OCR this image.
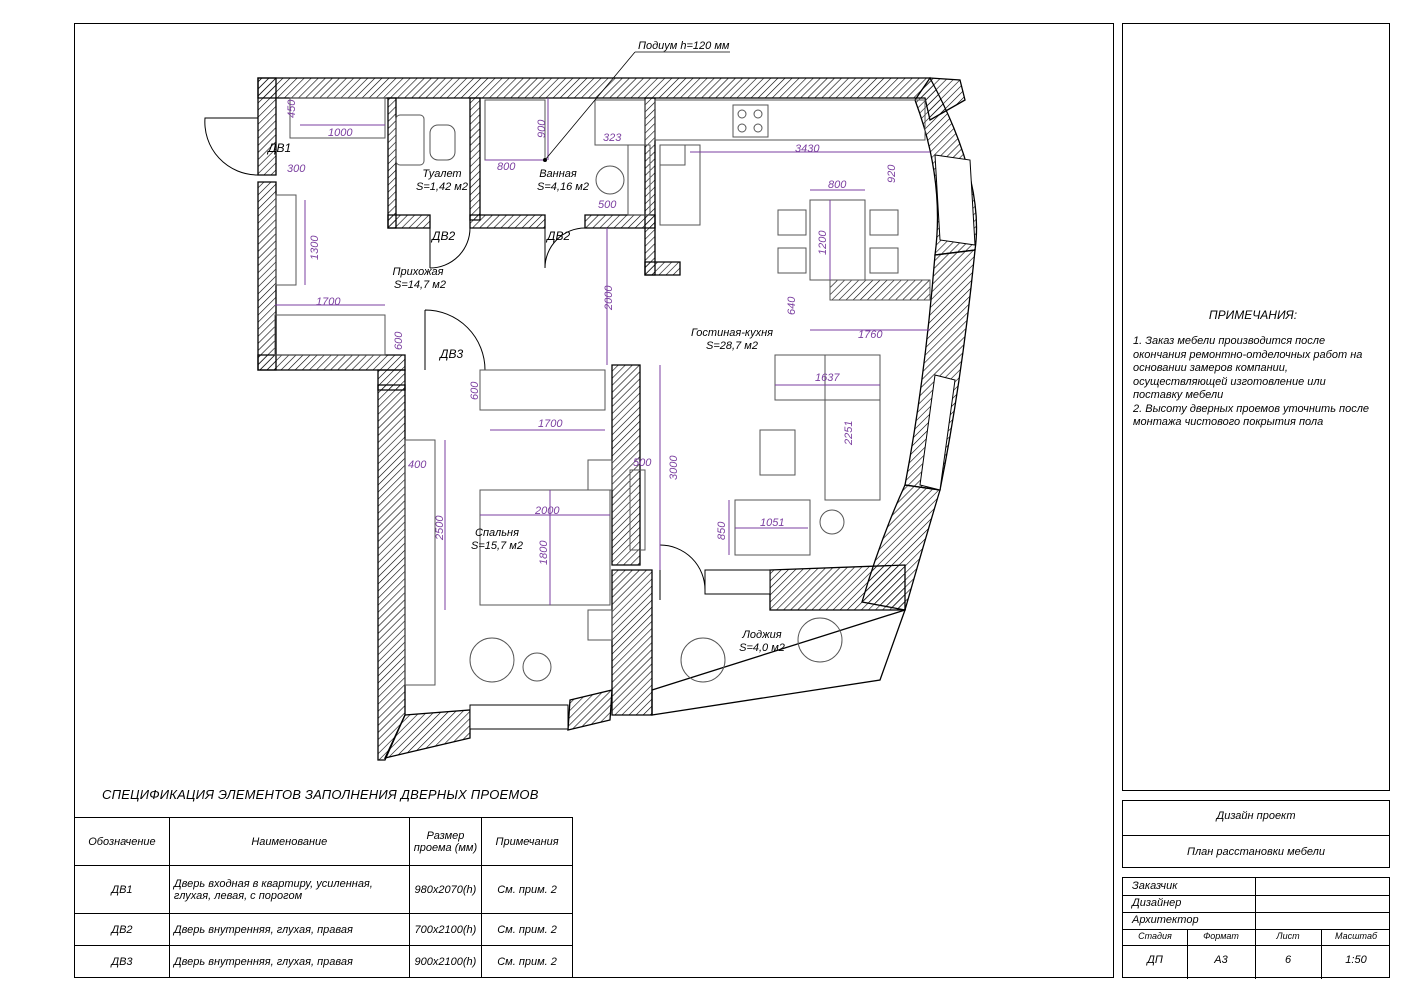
ПРИМЕЧАНИЯ:
1. Заказ мебели производится после
окончания ремонтно-отделочных работ на
основании замеров компании,
осуществляющей изготовление или
поставку мебели
2. Высоту дверных проемов уточнить после
монтажа чистового покрытия пола
Дизайн проект
План расстановки мебели
Заказчик
Дизайнер
Архитектор
Стадия	Формат	Лист	Масштаб
ДП	А3	6	1:50
СПЕЦИФИКАЦИЯ ЭЛЕМЕНТОВ ЗАПОЛНЕНИЯ ДВЕРНЫХ ПРОЕМОВ
Обозначение	Наименование	Размер проема (мм)	Примечания
ДВ1	Дверь входная в квартиру, усиленная, глухая, левая, с порогом	980x2070(h)	См. прим. 2
ДВ2	Дверь внутренняя, глухая, правая	700x2100(h)	См. прим. 2
ДВ3	Дверь внутренняя, глухая, правая	900x2100(h)	См. прим. 2
450
1000	900	323
800
500
3430
920
300
1300
800
1200
640
1760
1700
600
2000
600
1700
1637
2251
400
2500
2000
1800
500 3000
850	1051
Подиум h=120 мм
ДВ1
ДВ2	ДВ2
ДВ3
Туалет
S=1,42 м2
Ванная
S=4,16 м2
Прихожая
S=14,7 м2
Гостиная-кухня
S=28,7 м2
Спальня
S=15,7 м2
Лоджия
S=4,0 м2
